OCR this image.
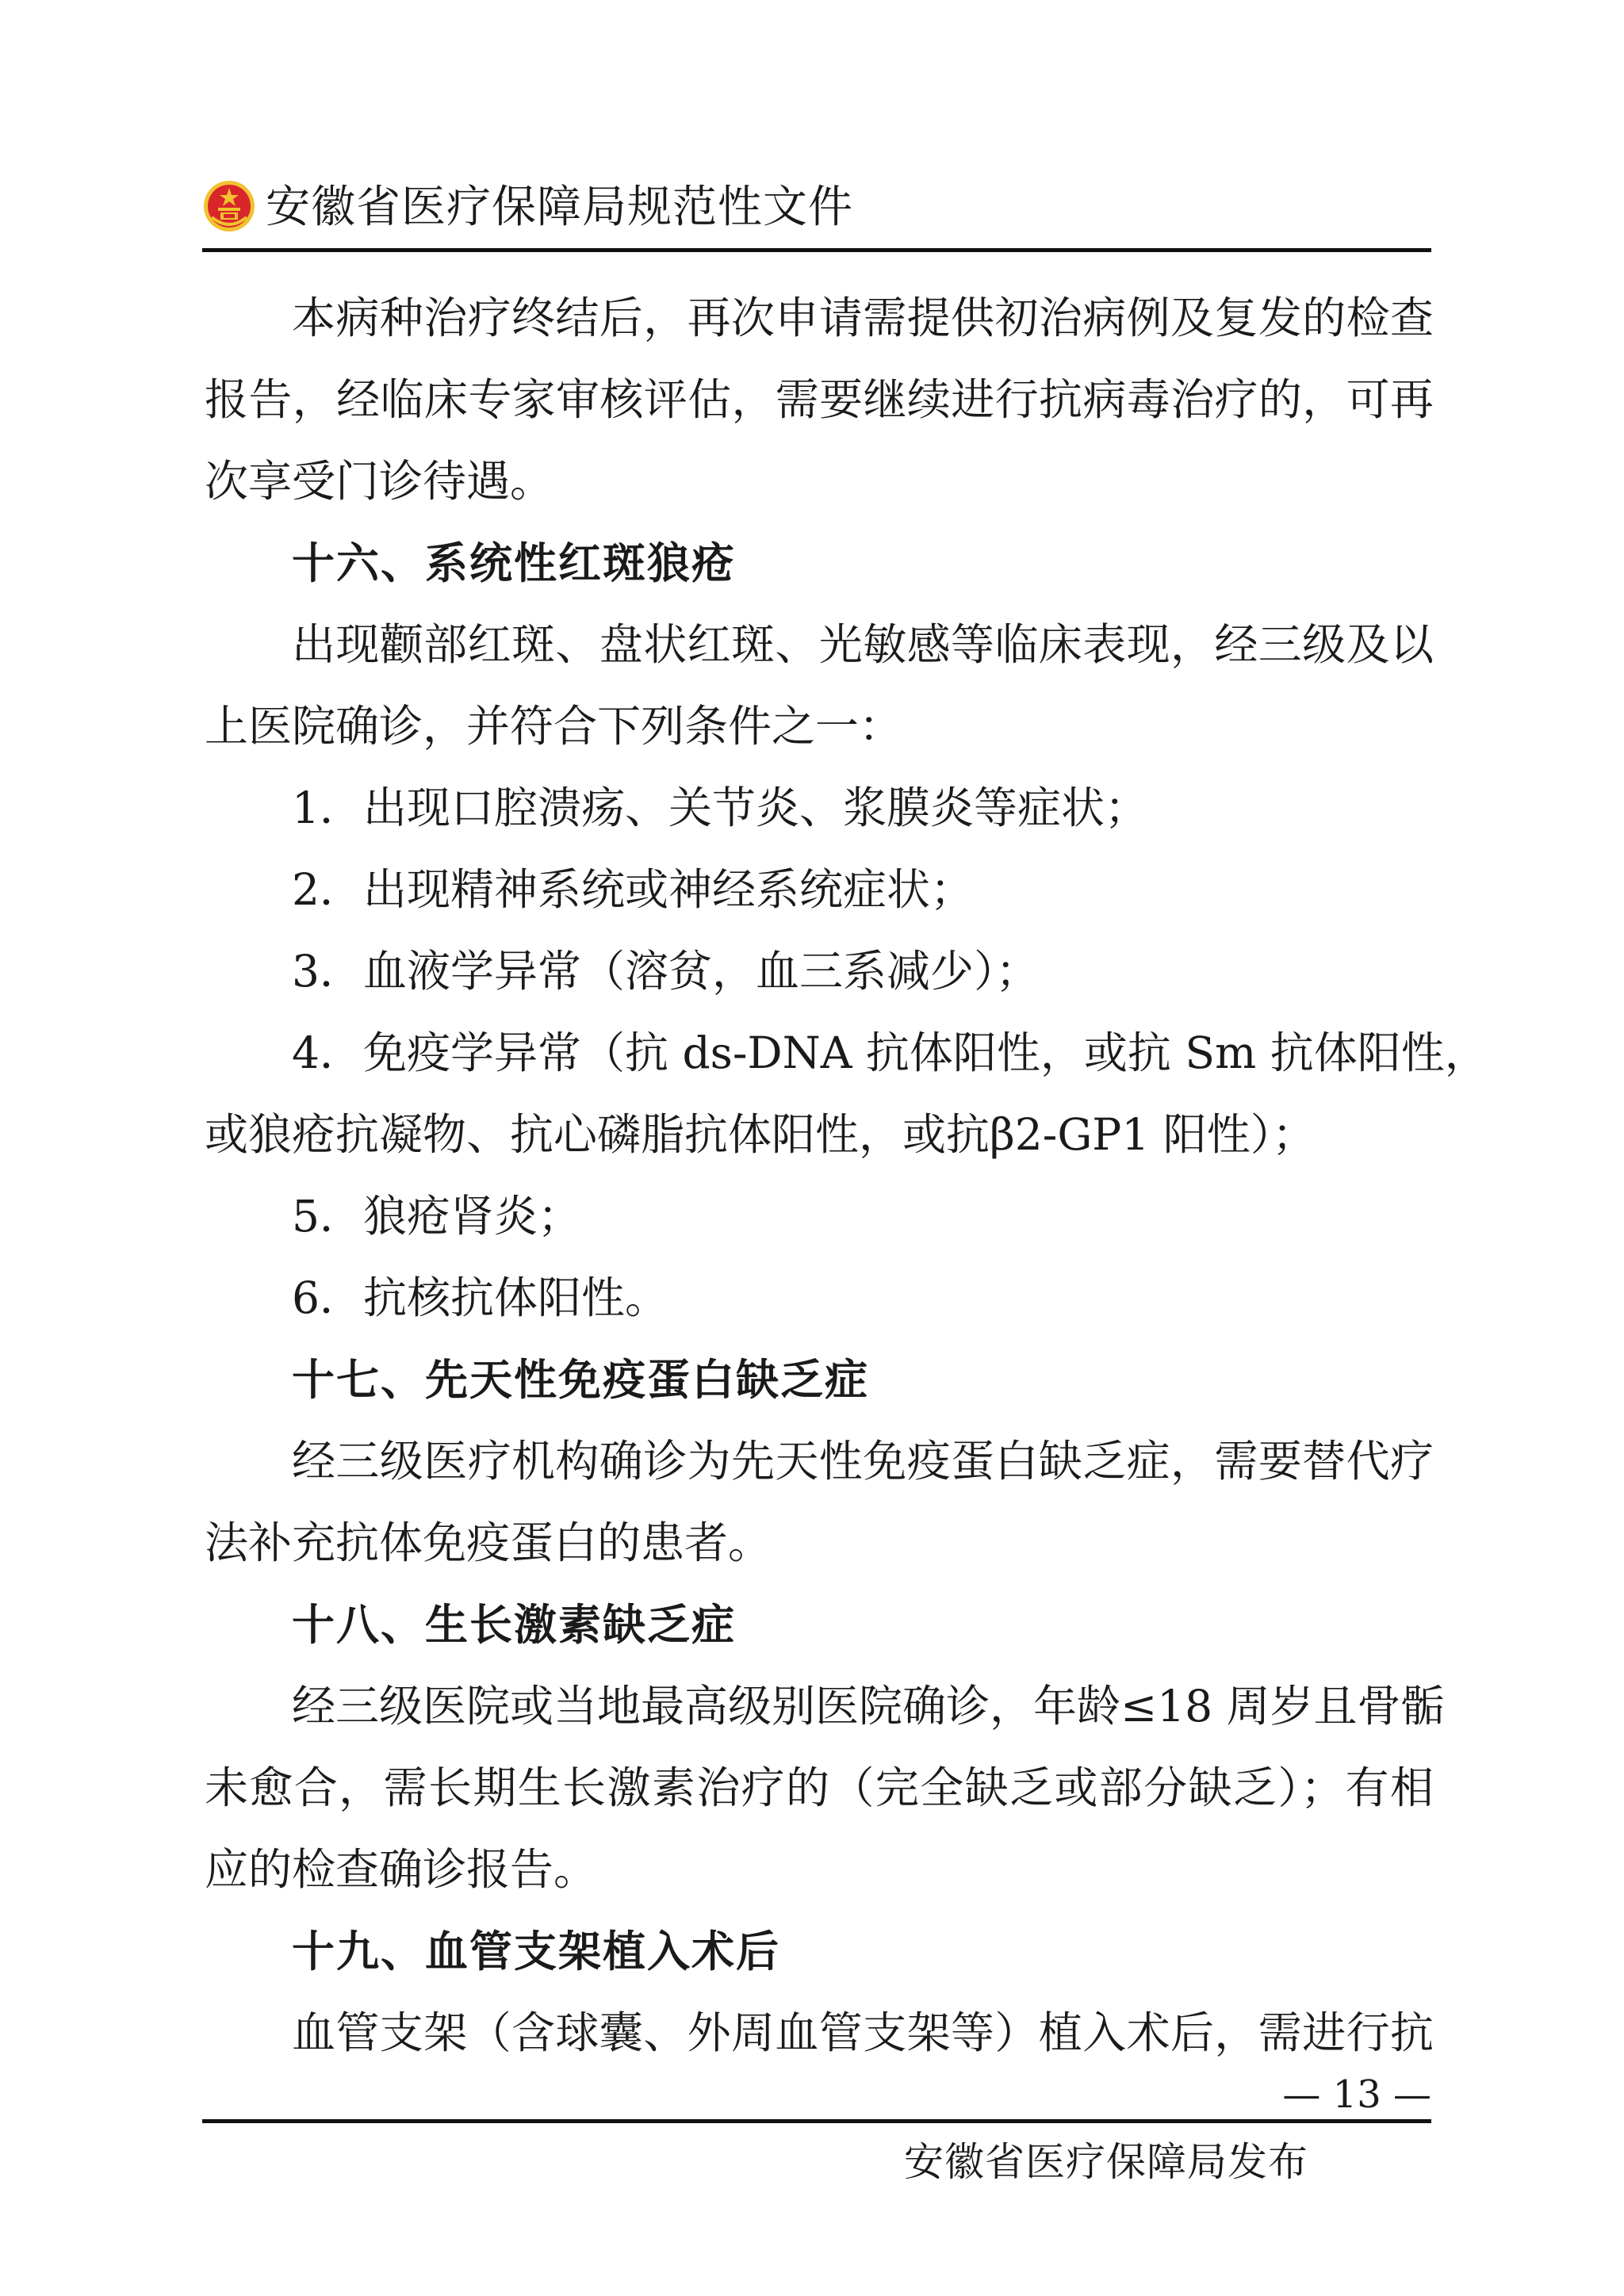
安徽省医疗保障局规范性文件
本病种治疗终结后，再次申请需提供初治病例及复发的检查
报告，经临床专家审核评估，需要继续进行抗病毒治疗的，可再
次享受门诊待遇。
十六、系统性红斑狼疮
出现颧部红斑、盘状红斑、光敏感等临床表现，经三级及以
上医院确诊，并符合下列条件之一：
1．出现口腔溃疡、关节炎、浆膜炎等症状；
2．出现精神系统或神经系统症状；
3．血液学异常（溶贫，血三系减少）；
4．免疫学异常（抗 ds-DNA 抗体阳性，或抗 Sm 抗体阳性，
或狼疮抗凝物、抗心磷脂抗体阳性，或抗β2-GP1 阳性）；
5．狼疮肾炎；
6．抗核抗体阳性。
十七、先天性免疫蛋白缺乏症
经三级医疗机构确诊为先天性免疫蛋白缺乏症，需要替代疗
法补充抗体免疫蛋白的患者。
十八、生长激素缺乏症
经三级医院或当地最高级别医院确诊，年龄≤18 周岁且骨骺
未愈合，需长期生长激素治疗的（完全缺乏或部分缺乏）；有相
应的检查确诊报告。
十九、血管支架植入术后
血管支架（含球囊、外周血管支架等）植入术后，需进行抗
— 13 —
安徽省医疗保障局发布
